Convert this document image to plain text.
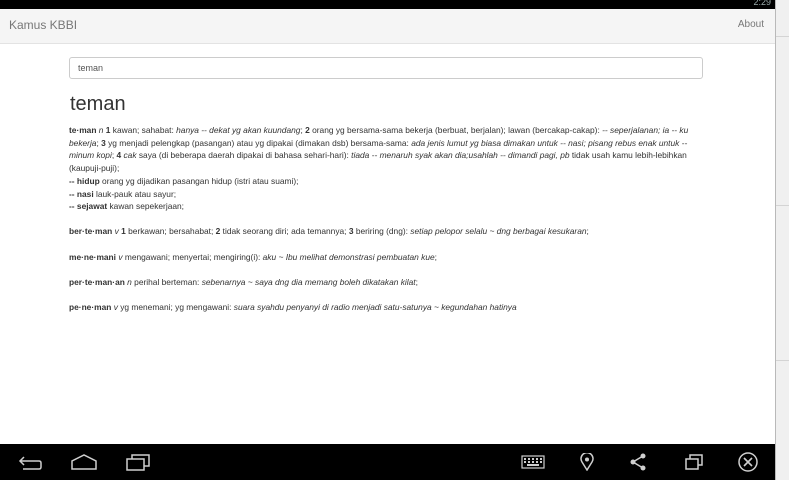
2:29
Kamus KBBI	About
teman
teman

te·man n 1 kawan; sahabat: hanya -- dekat yg akan kuundang; 2 orang yg bersama-sama bekerja (berbuat, berjalan); lawan (bercakap-cakap): -- seperjalanan; ia -- ku bekerja; 3 yg menjadi pelengkap (pasangan) atau yg dipakai (dimakan dsb) bersama-sama: ada jenis lumut yg biasa dimakan untuk -- nasi; pisang rebus enak untuk -- minum kopi; 4 cak saya (di beberapa daerah dipakai di bahasa sehari-hari): tiada -- menaruh syak akan dia;usahlah -- dimandi pagi, pb tidak usah kamu lebih-lebihkan (kaupuji-puji);

-- hidup orang yg dijadikan pasangan hidup (istri atau suami);

-- nasi lauk-pauk atau sayur;

-- sejawat kawan sepekerjaan;

ber·te·man v 1 berkawan; bersahabat; 2 tidak seorang diri; ada temannya; 3 beriring (dng): setiap pelopor selalu ~ dng berbagai kesukaran;

me·ne·mani v mengawani; menyertai; mengiring(i): aku ~ Ibu melihat demonstrasi pembuatan kue;

per·te·man·an n perihal berteman: sebenarnya ~ saya dng dia memang boleh dikatakan kilat;

pe·ne·man v yg menemani; yg mengawani: suara syahdu penyanyi di radio menjadi satu-satunya ~ kegundahan hatinya
